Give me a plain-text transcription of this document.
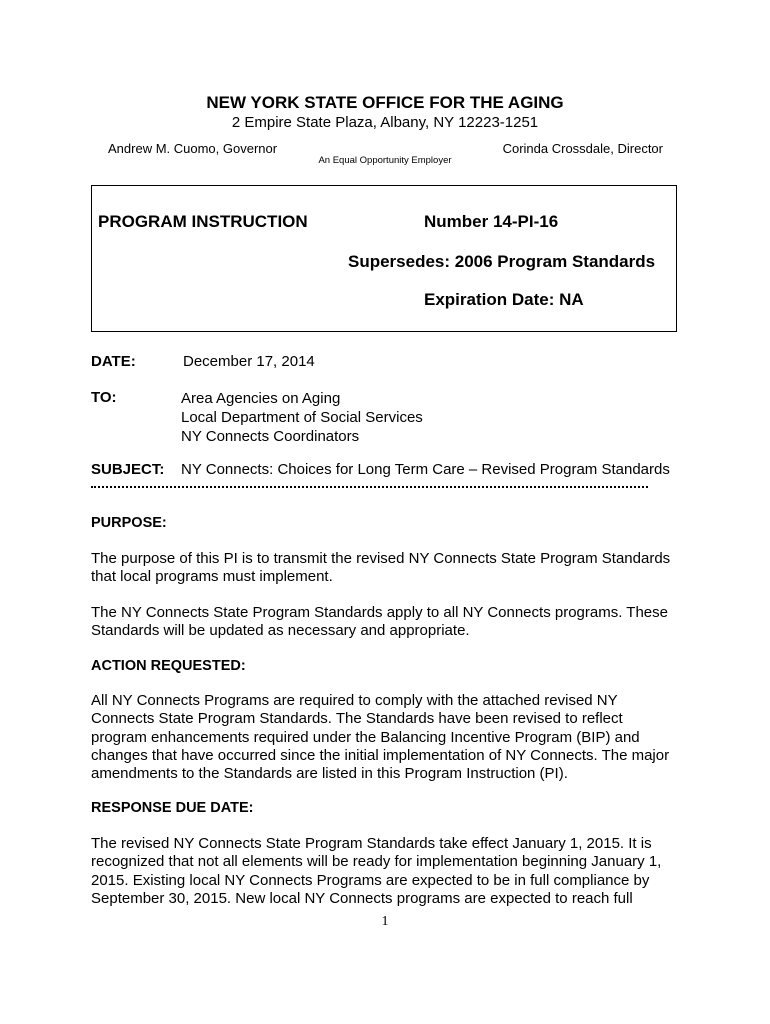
NEW YORK STATE OFFICE FOR THE AGING
2 Empire State Plaza, Albany, NY 12223-1251
Andrew M. Cuomo, Governor	Corinda Crossdale, Director
An Equal Opportunity Employer
PROGRAM INSTRUCTION	Number 14-PI-16
Supersedes: 2006 Program Standards
Expiration Date: NA
DATE:	December 17, 2014
TO:	Area Agencies on Aging
Local Department of Social Services
NY Connects Coordinators
SUBJECT: NY Connects: Choices for Long Term Care – Revised Program Standards
PURPOSE:
The purpose of this PI is to transmit the revised NY Connects State Program Standards
that local programs must implement.
The NY Connects State Program Standards apply to all NY Connects programs. These
Standards will be updated as necessary and appropriate.
ACTION REQUESTED:
All NY Connects Programs are required to comply with the attached revised NY
Connects State Program Standards. The Standards have been revised to reflect
program enhancements required under the Balancing Incentive Program (BIP) and
changes that have occurred since the initial implementation of NY Connects. The major
amendments to the Standards are listed in this Program Instruction (PI).
RESPONSE DUE DATE:
The revised NY Connects State Program Standards take effect January 1, 2015. It is
recognized that not all elements will be ready for implementation beginning January 1,
2015. Existing local NY Connects Programs are expected to be in full compliance by
September 30, 2015. New local NY Connects programs are expected to reach full
1
